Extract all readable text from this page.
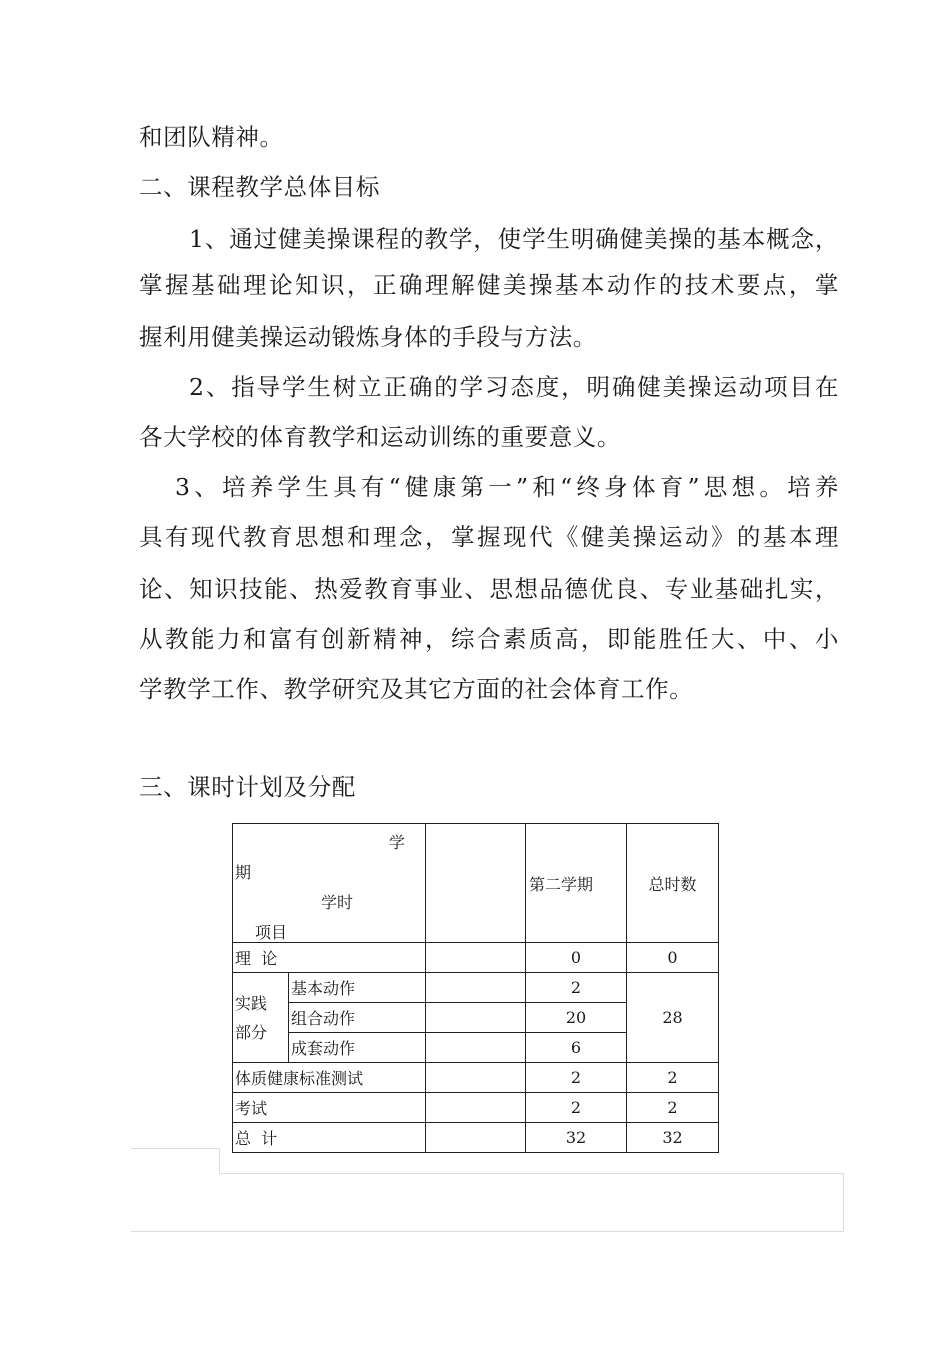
和团队精神。
二、课程教学总体目标
1、通过健美操课程的教学，使学生明确健美操的基本概念，
掌握基础理论知识，正确理解健美操基本动作的技术要点，掌
握利用健美操运动锻炼身体的手段与方法。
2、指导学生树立正确的学习态度，明确健美操运动项目在
各大学校的体育教学和运动训练的重要意义。
3、培养学生具有“健康第一”和“终身体育”思想。培养
具有现代教育思想和理念，掌握现代《健美操运动》的基本理
论、知识技能、热爱教育事业、思想品德优良、专业基础扎实，
从教能力和富有创新精神，综合素质高，即能胜任大、中、小
学教学工作、教学研究及其它方面的社会体育工作。
三、课时计划及分配
学
期
学时
项目			第二学期	总时数
理  论			0	0
实践
部分	基本动作		2	28
	组合动作		20	
	成套动作		6	
体质健康标准测试			2	2
考试			2	2
总  计			32	32
